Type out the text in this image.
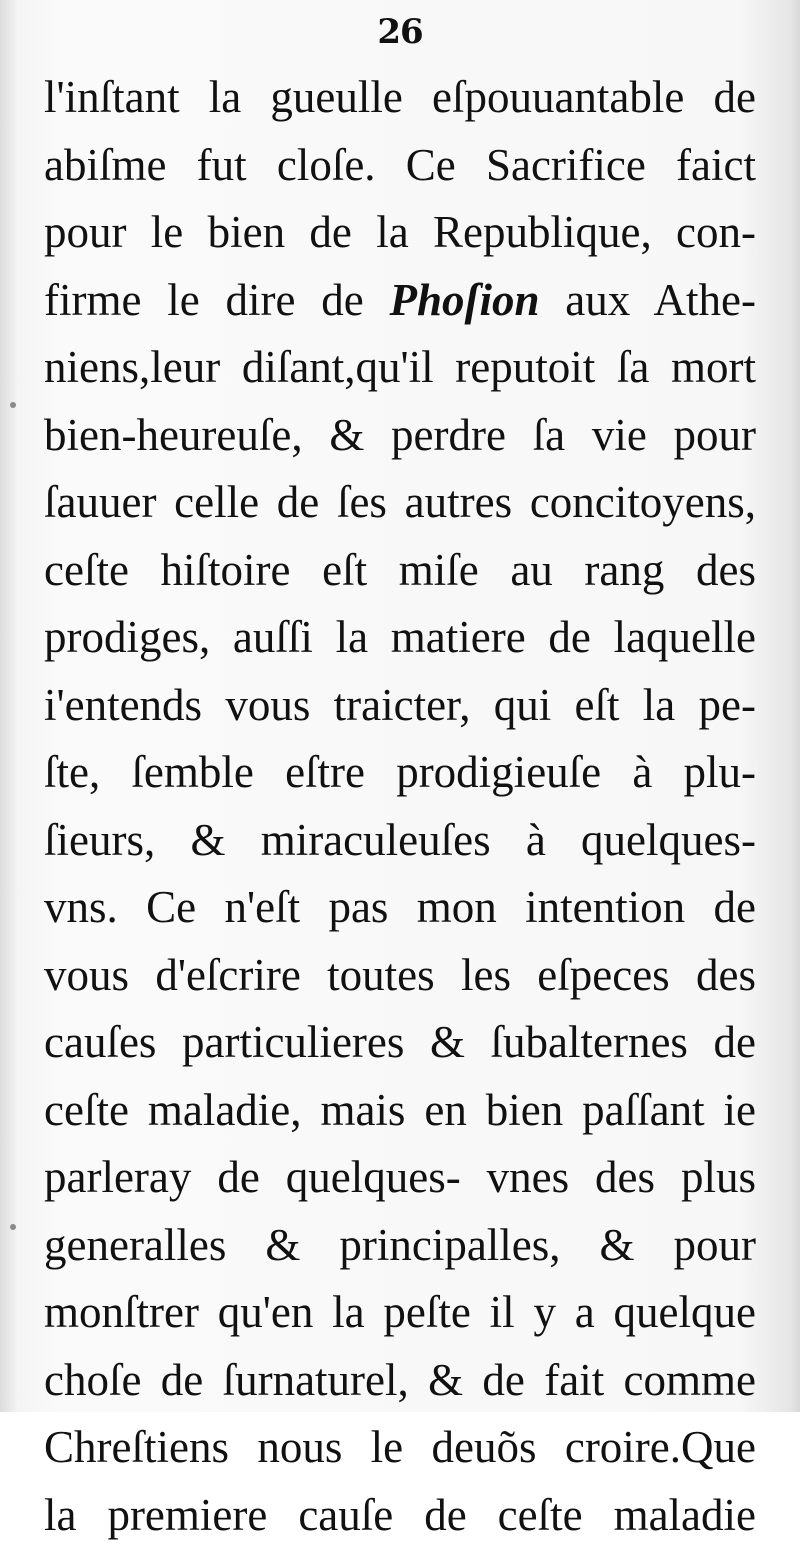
26
l'inſtant la gueulle eſpouuantable de
abiſme fut cloſe. Ce Sacrifice faict
pour le bien de la Republique, con-
firme le dire de Phoſion aux Athe-
niens,leur diſant,qu'il reputoit ſa mort
bien-heureuſe, & perdre ſa vie pour
ſauuer celle de ſes autres concitoyens,
ceſte hiſtoire eſt miſe au rang des
prodiges, auſſi la matiere de laquelle
i'entends vous traicter, qui eſt la pe-
ſte, ſemble eſtre prodigieuſe à plu-
ſieurs, & miraculeuſes à quelques-
vns. Ce n'eſt pas mon intention de
vous d'eſcrire toutes les eſpeces des
cauſes particulieres & ſubalternes de
ceſte maladie, mais en bien paſſant ie
parleray de quelques- vnes des plus
generalles & principalles, & pour
monſtrer qu'en la peſte il y a quelque
choſe de ſurnaturel, & de fait comme
Chreſtiens nous le deuõs croire.Que
la premiere cauſe de ceſte maladie
